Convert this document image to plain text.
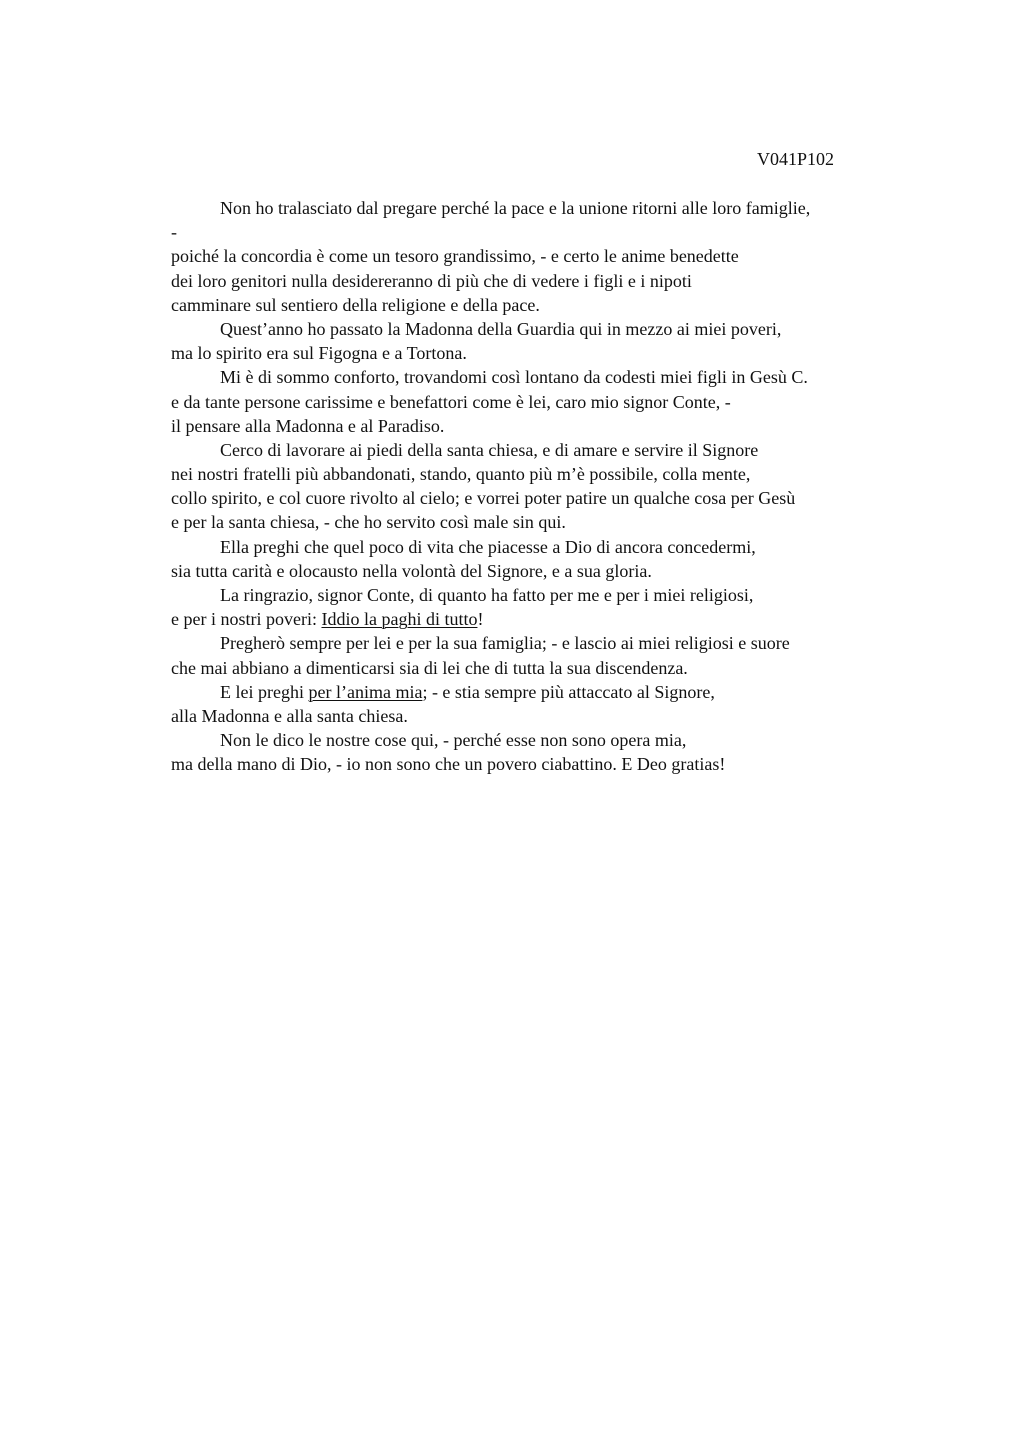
V041P102
Non ho tralasciato dal pregare perché la pace e la unione ritorni alle loro famiglie,
-
poiché la concordia è come un tesoro grandissimo, - e certo le anime benedette
dei loro genitori nulla desidereranno di più che di vedere i figli e i nipoti
camminare sul sentiero della religione e della pace.
Quest’anno ho passato la Madonna della Guardia qui in mezzo ai miei poveri,
ma lo spirito era sul Figogna e a Tortona.
Mi è di sommo conforto, trovandomi così lontano da codesti miei figli in Gesù C.
e da tante persone carissime e benefattori come è lei, caro mio signor Conte, -
il pensare alla Madonna e al Paradiso.
Cerco di lavorare ai piedi della santa chiesa, e di amare e servire il Signore
nei nostri fratelli più abbandonati, stando, quanto più m’è possibile, colla mente,
collo spirito, e col cuore rivolto al cielo; e vorrei poter patire un qualche cosa per Gesù
e per la santa chiesa, - che ho servito così male sin qui.
Ella preghi che quel poco di vita che piacesse a Dio di ancora concedermi,
sia tutta carità e olocausto nella volontà del Signore, e a sua gloria.
La ringrazio, signor Conte, di quanto ha fatto per me e per i miei religiosi,
e per i nostri poveri: Iddio la paghi di tutto!
Pregherò sempre per lei e per la sua famiglia; - e lascio ai miei religiosi e suore
che mai abbiano a dimenticarsi sia di lei che di tutta la sua discendenza.
E lei preghi per l’anima mia; - e stia sempre più attaccato al Signore,
alla Madonna e alla santa chiesa.
Non le dico le nostre cose qui, - perché esse non sono opera mia,
ma della mano di Dio, - io non sono che un povero ciabattino. E Deo gratias!
